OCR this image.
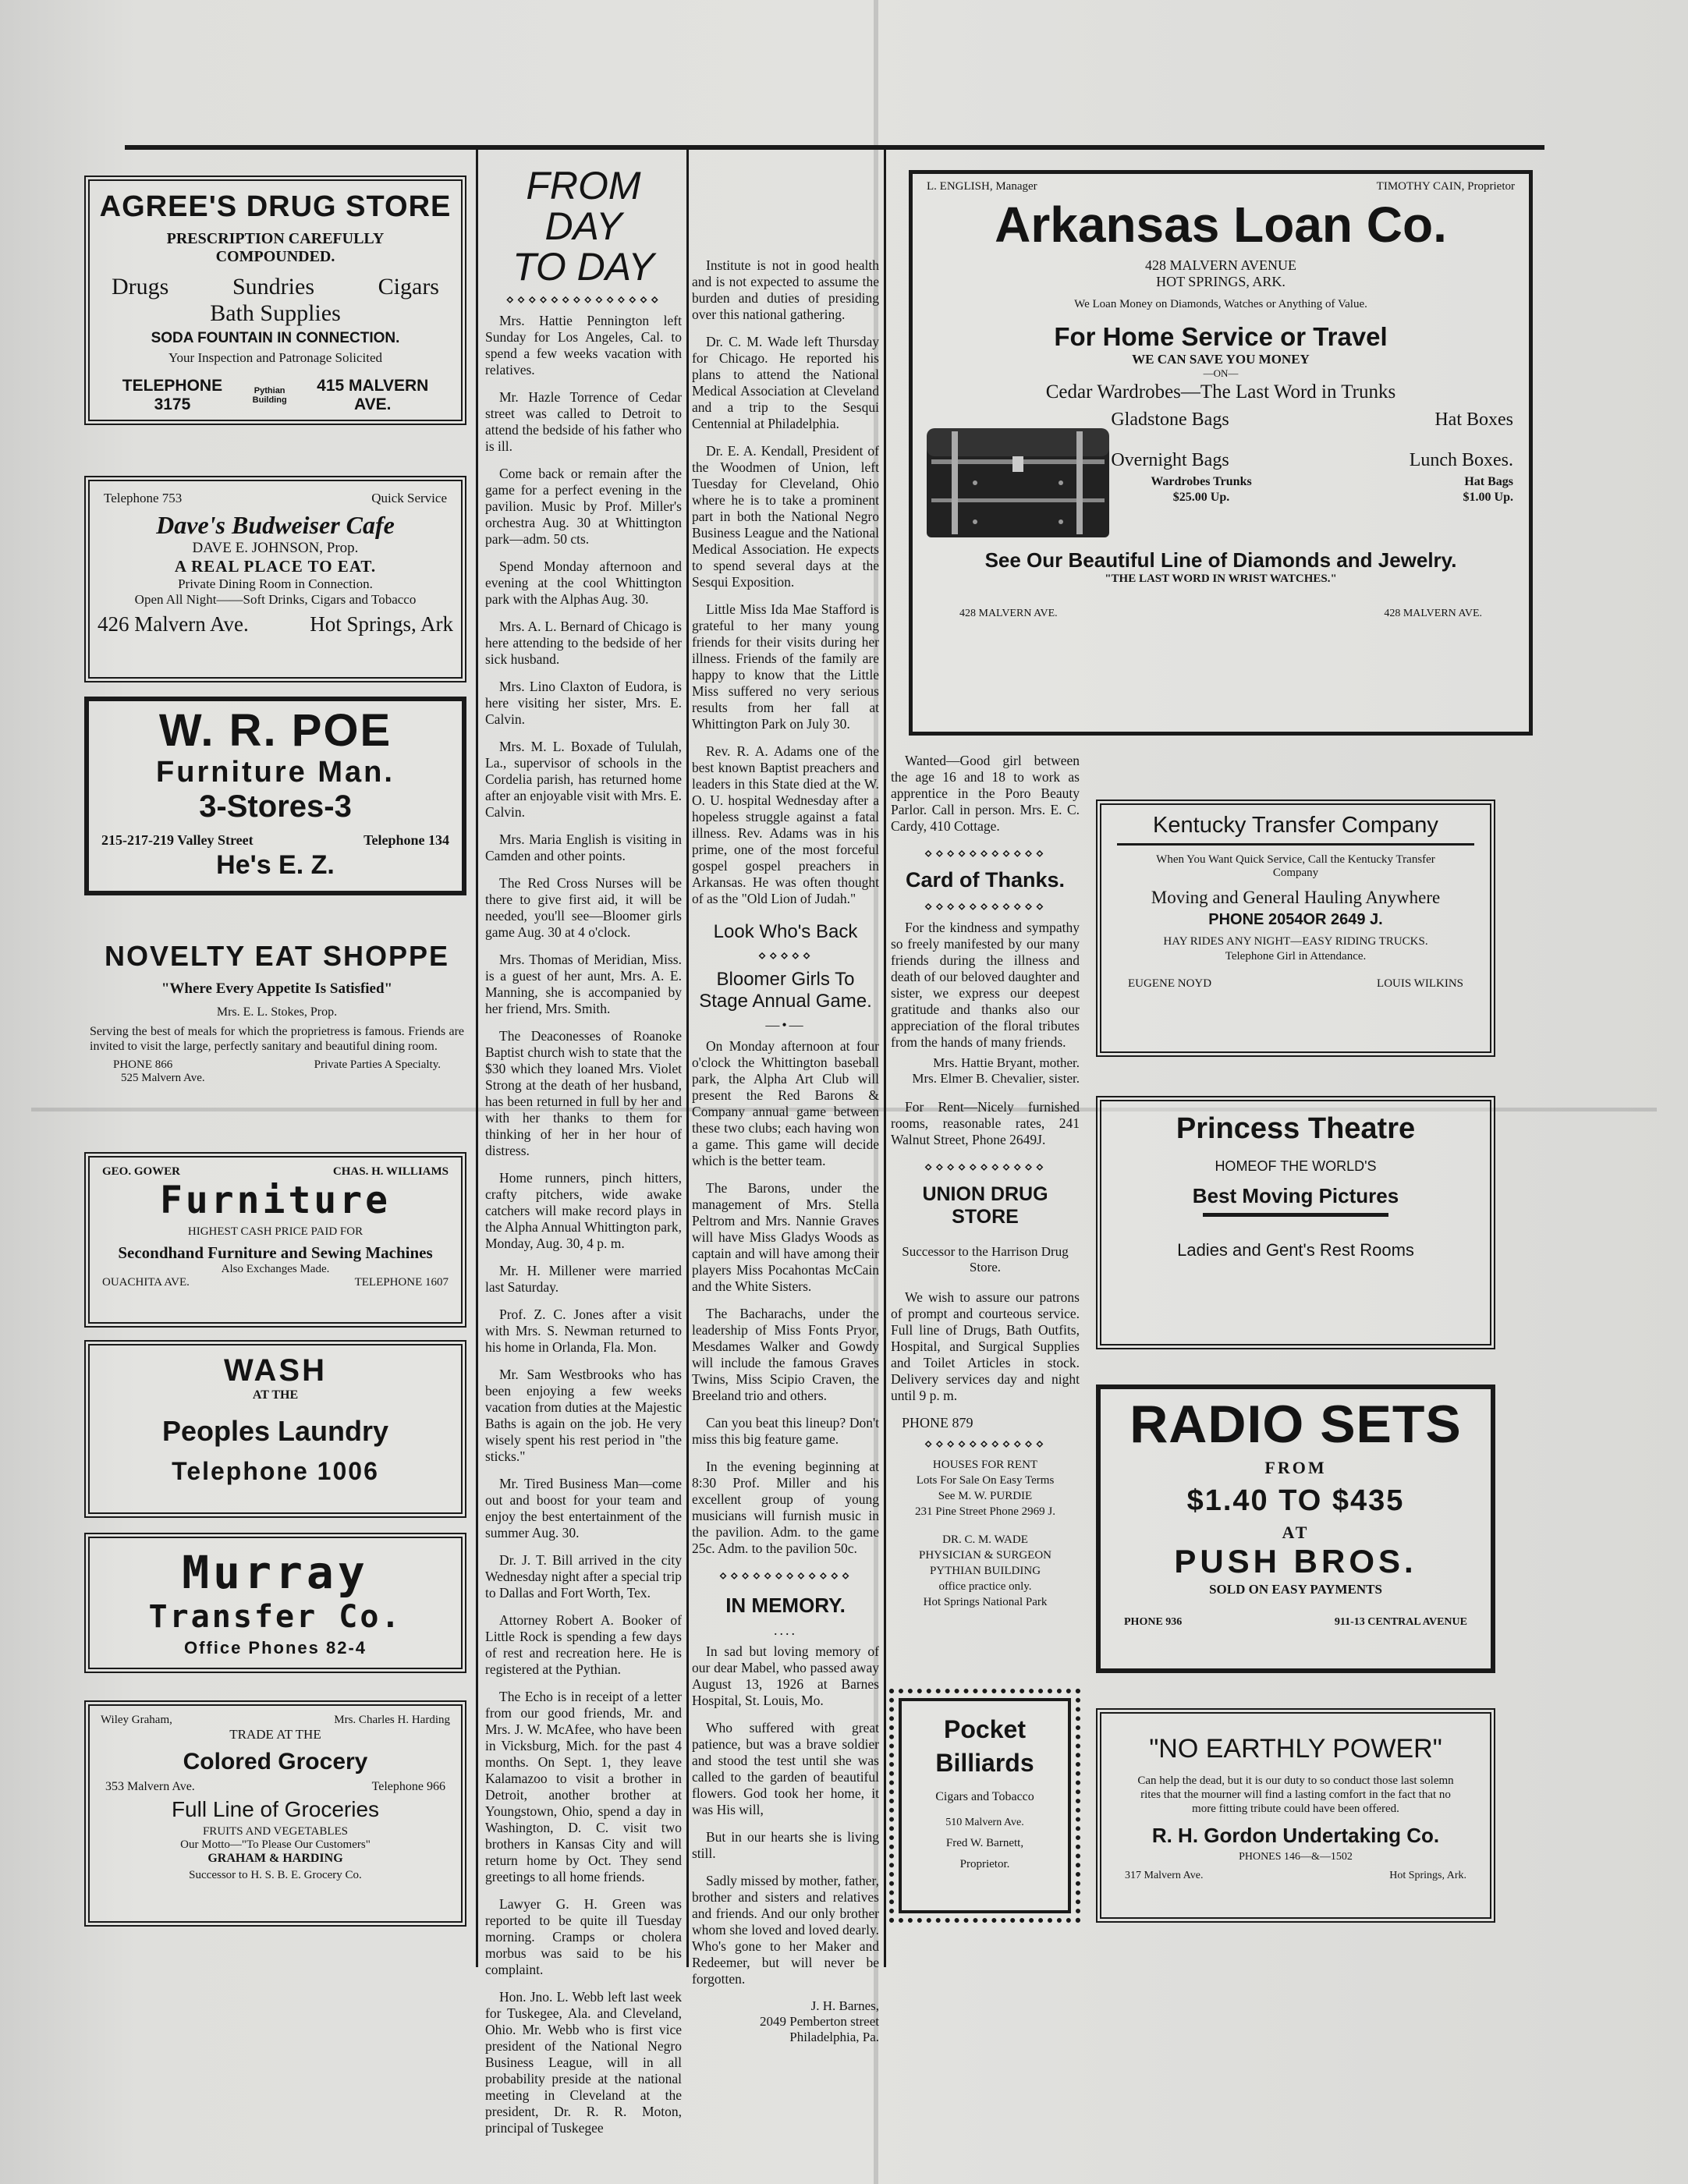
AGREE'S DRUG STORE
PRESCRIPTION CAREFULLY
COMPOUNDED.
Drugs	Sundries	Cigars
Bath Supplies
SODA FOUNTAIN IN CONNECTION.
Your Inspection and Patronage Solicited
TELEPHONE 3175
Pythian Building
415 MALVERN AVE.
Telephone 753	Quick Service
Dave's Budweiser Cafe
DAVE E. JOHNSON, Prop.
A REAL PLACE TO EAT.
Private Dining Room in Connection.
Open All Night——Soft Drinks, Cigars and Tobacco
426 Malvern Ave.	Hot Springs, Ark
W. R. POE
Furniture Man.
3-Stores-3
215-217-219 Valley Street	Telephone 134
He's E. Z.
NOVELTY EAT SHOPPE
"Where Every Appetite Is Satisfied"
Mrs. E. L. Stokes, Prop.
Serving the best of meals for which the proprietress is famous. Friends are invited to visit the large, perfectly sanitary and beautiful dining room.
PHONE 866	Private Parties A Specialty.
525 Malvern Ave.
GEO. GOWER	CHAS. H. WILLIAMS
Furniture
HIGHEST CASH PRICE PAID FOR
Secondhand Furniture and Sewing Machines
Also Exchanges Made.
OUACHITA AVE.	TELEPHONE 1607
WASH
AT THE
Peoples Laundry
Telephone 1006
Murray
Transfer Co.
Office Phones 82-4
Wiley Graham,	Mrs. Charles H. Harding
TRADE AT THE
Colored Grocery
353 Malvern Ave.	Telephone 966
Full Line of Groceries
FRUITS AND VEGETABLES
Our Motto—"To Please Our Customers"
GRAHAM & HARDING
Successor to H. S. B. E. Grocery Co.
FROM DAY
TO DAY
⋄⋄⋄⋄⋄⋄⋄⋄⋄⋄⋄⋄⋄⋄

Mrs. Hattie Pennington left Sunday for Los Angeles, Cal. to spend a few weeks vacation with relatives.

Mr. Hazle Torrence of Cedar street was called to Detroit to attend the bedside of his father who is ill.

Come back or remain after the game for a perfect evening in the pavilion. Music by Prof. Miller's orchestra Aug. 30 at Whittington park—adm. 50 cts.

Spend Monday afternoon and evening at the cool Whittington park with the Alphas Aug. 30.

Mrs. A. L. Bernard of Chicago is here attending to the bedside of her sick husband.

Mrs. Lino Claxton of Eudora, is here visiting her sister, Mrs. E. Calvin.

Mrs. M. L. Boxade of Tululah, La., supervisor of schools in the Cordelia parish, has returned home after an enjoyable visit with Mrs. E. Calvin.

Mrs. Maria English is visiting in Camden and other points.

The Red Cross Nurses will be there to give first aid, it will be needed, you'll see—Bloomer girls game Aug. 30 at 4 o'clock.

Mrs. Thomas of Meridian, Miss. is a guest of her aunt, Mrs. A. E. Manning, she is accompanied by her friend, Mrs. Smith.

The Deaconesses of Roanoke Baptist church wish to state that the $30 which they loaned Mrs. Violet Strong at the death of her husband, has been returned in full by her and with her thanks to them for thinking of her in her hour of distress.

Home runners, pinch hitters, crafty pitchers, wide awake catchers will make record plays in the Alpha Annual Whittington park, Monday, Aug. 30, 4 p. m.

Mr. H. Millener were married last Saturday.

Prof. Z. C. Jones after a visit with Mrs. S. Newman returned to his home in Orlanda, Fla. Mon.

Mr. Sam Westbrooks who has been enjoying a few weeks vacation from duties at the Majestic Baths is again on the job. He very wisely spent his rest period in "the sticks."

Mr. Tired Business Man—come out and boost for your team and enjoy the best entertainment of the summer Aug. 30.

Dr. J. T. Bill arrived in the city Wednesday night after a special trip to Dallas and Fort Worth, Tex.

Attorney Robert A. Booker of Little Rock is spending a few days of rest and recreation here. He is registered at the Pythian.

The Echo is in receipt of a letter from our good friends, Mr. and Mrs. J. W. McAfee, who have been in Vicksburg, Mich. for the past 4 months. On Sept. 1, they leave Kalamazoo to visit a brother in Detroit, another brother at Youngstown, Ohio, spend a day in Washington, D. C. visit two brothers in Kansas City and will return home by Oct. They send greetings to all home friends.

Lawyer G. H. Green was reported to be quite ill Tuesday morning. Cramps or cholera morbus was said to be his complaint.

Hon. Jno. L. Webb left last week for Tuskegee, Ala. and Cleveland, Ohio. Mr. Webb who is first vice president of the National Negro Business League, will in all probability preside at the national meeting in Cleveland at the president, Dr. R. R. Moton, principal of Tuskegee

Institute is not in good health and is not expected to assume the burden and duties of presiding over this national gathering.

Dr. C. M. Wade left Thursday for Chicago. He reported his plans to attend the National Medical Association at Cleveland and a trip to the Sesqui Centennial at Philadelphia.

Dr. E. A. Kendall, President of the Woodmen of Union, left Tuesday for Cleveland, Ohio where he is to take a prominent part in both the National Negro Business League and the National Medical Association. He expects to spend several days at the Sesqui Exposition.

Little Miss Ida Mae Stafford is grateful to her many young friends for their visits during her illness. Friends of the family are happy to know that the Little Miss suffered no very serious results from her fall at Whittington Park on July 30.

Rev. R. A. Adams one of the best known Baptist preachers and leaders in this State died at the W. O. U. hospital Wednesday after a hopeless struggle against a fatal illness. Rev. Adams was in his prime, one of the most forceful gospel gospel preachers in Arkansas. He was often thought of as the "Old Lion of Judah."

Look Who's Back
⋄⋄⋄⋄⋄
Bloomer Girls To
Stage Annual Game.
—•—

On Monday afternoon at four o'clock the Whittington baseball park, the Alpha Art Club will present the Red Barons & Company annual game between these two clubs; each having won a game. This game will decide which is the better team.

The Barons, under the management of Mrs. Stella Peltrom and Mrs. Nannie Graves will have Miss Gladys Woods as captain and will have among their players Miss Pocahontas McCain and the White Sisters.

The Bacharachs, under the leadership of Miss Fonts Pryor, Mesdames Walker and Gowdy will include the famous Graves Twins, Miss Scipio Craven, the Breeland trio and others.

Can you beat this lineup? Don't miss this big feature game.

In the evening beginning at 8:30 Prof. Miller and his excellent group of young musicians will furnish music in the pavilion. Adm. to the game 25c. Adm. to the pavilion 50c.

⋄⋄⋄⋄⋄⋄⋄⋄⋄⋄⋄⋄
IN MEMORY.
....

In sad but loving memory of our dear Mabel, who passed away August 13, 1926 at Barnes Hospital, St. Louis, Mo.

Who suffered with great patience, but was a brave soldier and stood the test until she was called to the garden of beautiful flowers. God took her home, it was His will,

But in our hearts she is living still.

Sadly missed by mother, father, brother and sisters and relatives and friends. And our only brother whom she loved and loved dearly. Who's gone to her Maker and Redeemer, but will never be forgotten.

J. H. Barnes,
2049 Pemberton street
Philadelphia, Pa.

Wanted—Good girl between the age 16 and 18 to work as apprentice in the Poro Beauty Parlor. Call in person. Mrs. E. C. Cardy, 410 Cottage.

⋄⋄⋄⋄⋄⋄⋄⋄⋄⋄⋄
Card of Thanks.
⋄⋄⋄⋄⋄⋄⋄⋄⋄⋄⋄

For the kindness and sympathy so freely manifested by our many friends during the illness and death of our beloved daughter and sister, we express our deepest gratitude and thanks also our appreciation of the floral tributes from the hands of many friends.

Mrs. Hattie Bryant, mother.
Mrs. Elmer B. Chevalier, sister.

For Rent—Nicely furnished rooms, reasonable rates, 241 Walnut Street, Phone 2649J.

⋄⋄⋄⋄⋄⋄⋄⋄⋄⋄⋄
UNION DRUG STORE
Successor to the Harrison Drug Store.

We wish to assure our patrons of prompt and courteous service. Full line of Drugs, Bath Outfits, Hospital, and Surgical Supplies and Toilet Articles in stock. Delivery services day and night until 9 p. m.

PHONE 879
⋄⋄⋄⋄⋄⋄⋄⋄⋄⋄⋄
HOUSES FOR RENT
Lots For Sale On Easy Terms
See M. W. PURDIE
231 Pine Street Phone 2969 J.
DR. C. M. WADE
PHYSICIAN & SURGEON
PYTHIAN BUILDING
office practice only.
Hot Springs National Park
Pocket
Billiards
Cigars and Tobacco
510 Malvern Ave.
Fred W. Barnett,
Proprietor.
L. ENGLISH, Manager	TIMOTHY CAIN, Proprietor
Arkansas Loan Co.
428 MALVERN AVENUE
HOT SPRINGS, ARK.
We Loan Money on Diamonds, Watches or Anything of Value.
For Home Service or Travel
WE CAN SAVE YOU MONEY
—ON—
Cedar Wardrobes—The Last Word in Trunks
Gladstone Bags	Hat Boxes
Overnight Bags	Lunch Boxes.
Wardrobes Trunks
$25.00 Up.
Hat Bags
$1.00 Up.
See Our Beautiful Line of Diamonds and Jewelry.
"THE LAST WORD IN WRIST WATCHES."
428 MALVERN AVE.	428 MALVERN AVE.
Kentucky Transfer Company
When You Want Quick Service, Call the Kentucky Transfer Company
Moving and General Hauling Anywhere
PHONE 2054OR 2649 J.
HAY RIDES ANY NIGHT—EASY RIDING TRUCKS.
Telephone Girl in Attendance.
EUGENE NOYD	LOUIS WILKINS
Princess Theatre
HOMEOF THE WORLD'S
Best Moving Pictures
Ladies and Gent's Rest Rooms
RADIO SETS
FROM
$1.40 TO $435
AT
PUSH BROS.
SOLD ON EASY PAYMENTS
PHONE 936	911-13 CENTRAL AVENUE
"NO EARTHLY POWER"
Can help the dead, but it is our duty to so conduct those last solemn rites that the mourner will find a lasting comfort in the fact that no more fitting tribute could have been offered.
R. H. Gordon Undertaking Co.
PHONES 146—&—1502
317 Malvern Ave.	Hot Springs, Ark.
